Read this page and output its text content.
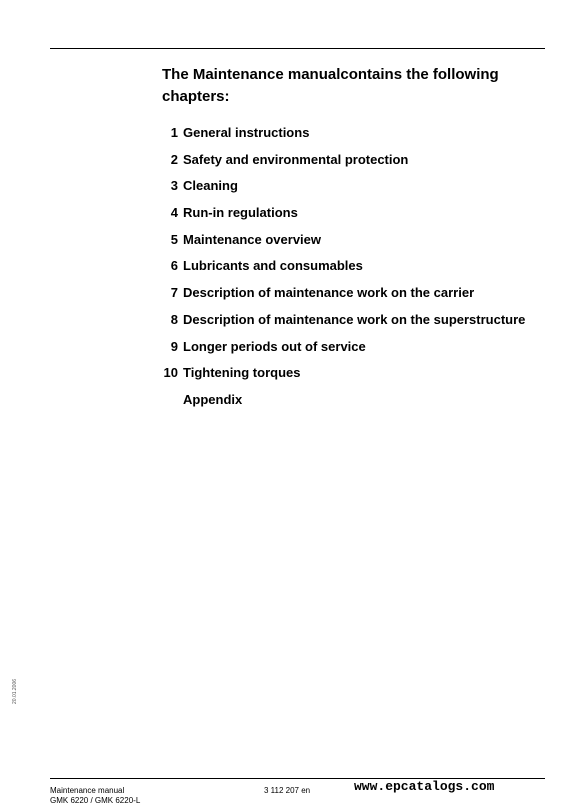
The Maintenance manualcontains the following chapters:
1 General instructions
2 Safety and environmental protection
3 Cleaning
4 Run-in regulations
5 Maintenance overview
6 Lubricants and consumables
7 Description of maintenance work on the carrier
8 Description of maintenance work on the superstructure
9 Longer periods out of service
10 Tightening torques
Appendix
20.01.2006
Maintenance manual
GMK 6220 / GMK 6220-L
3 112 207 en	www.epcatalogs.com
